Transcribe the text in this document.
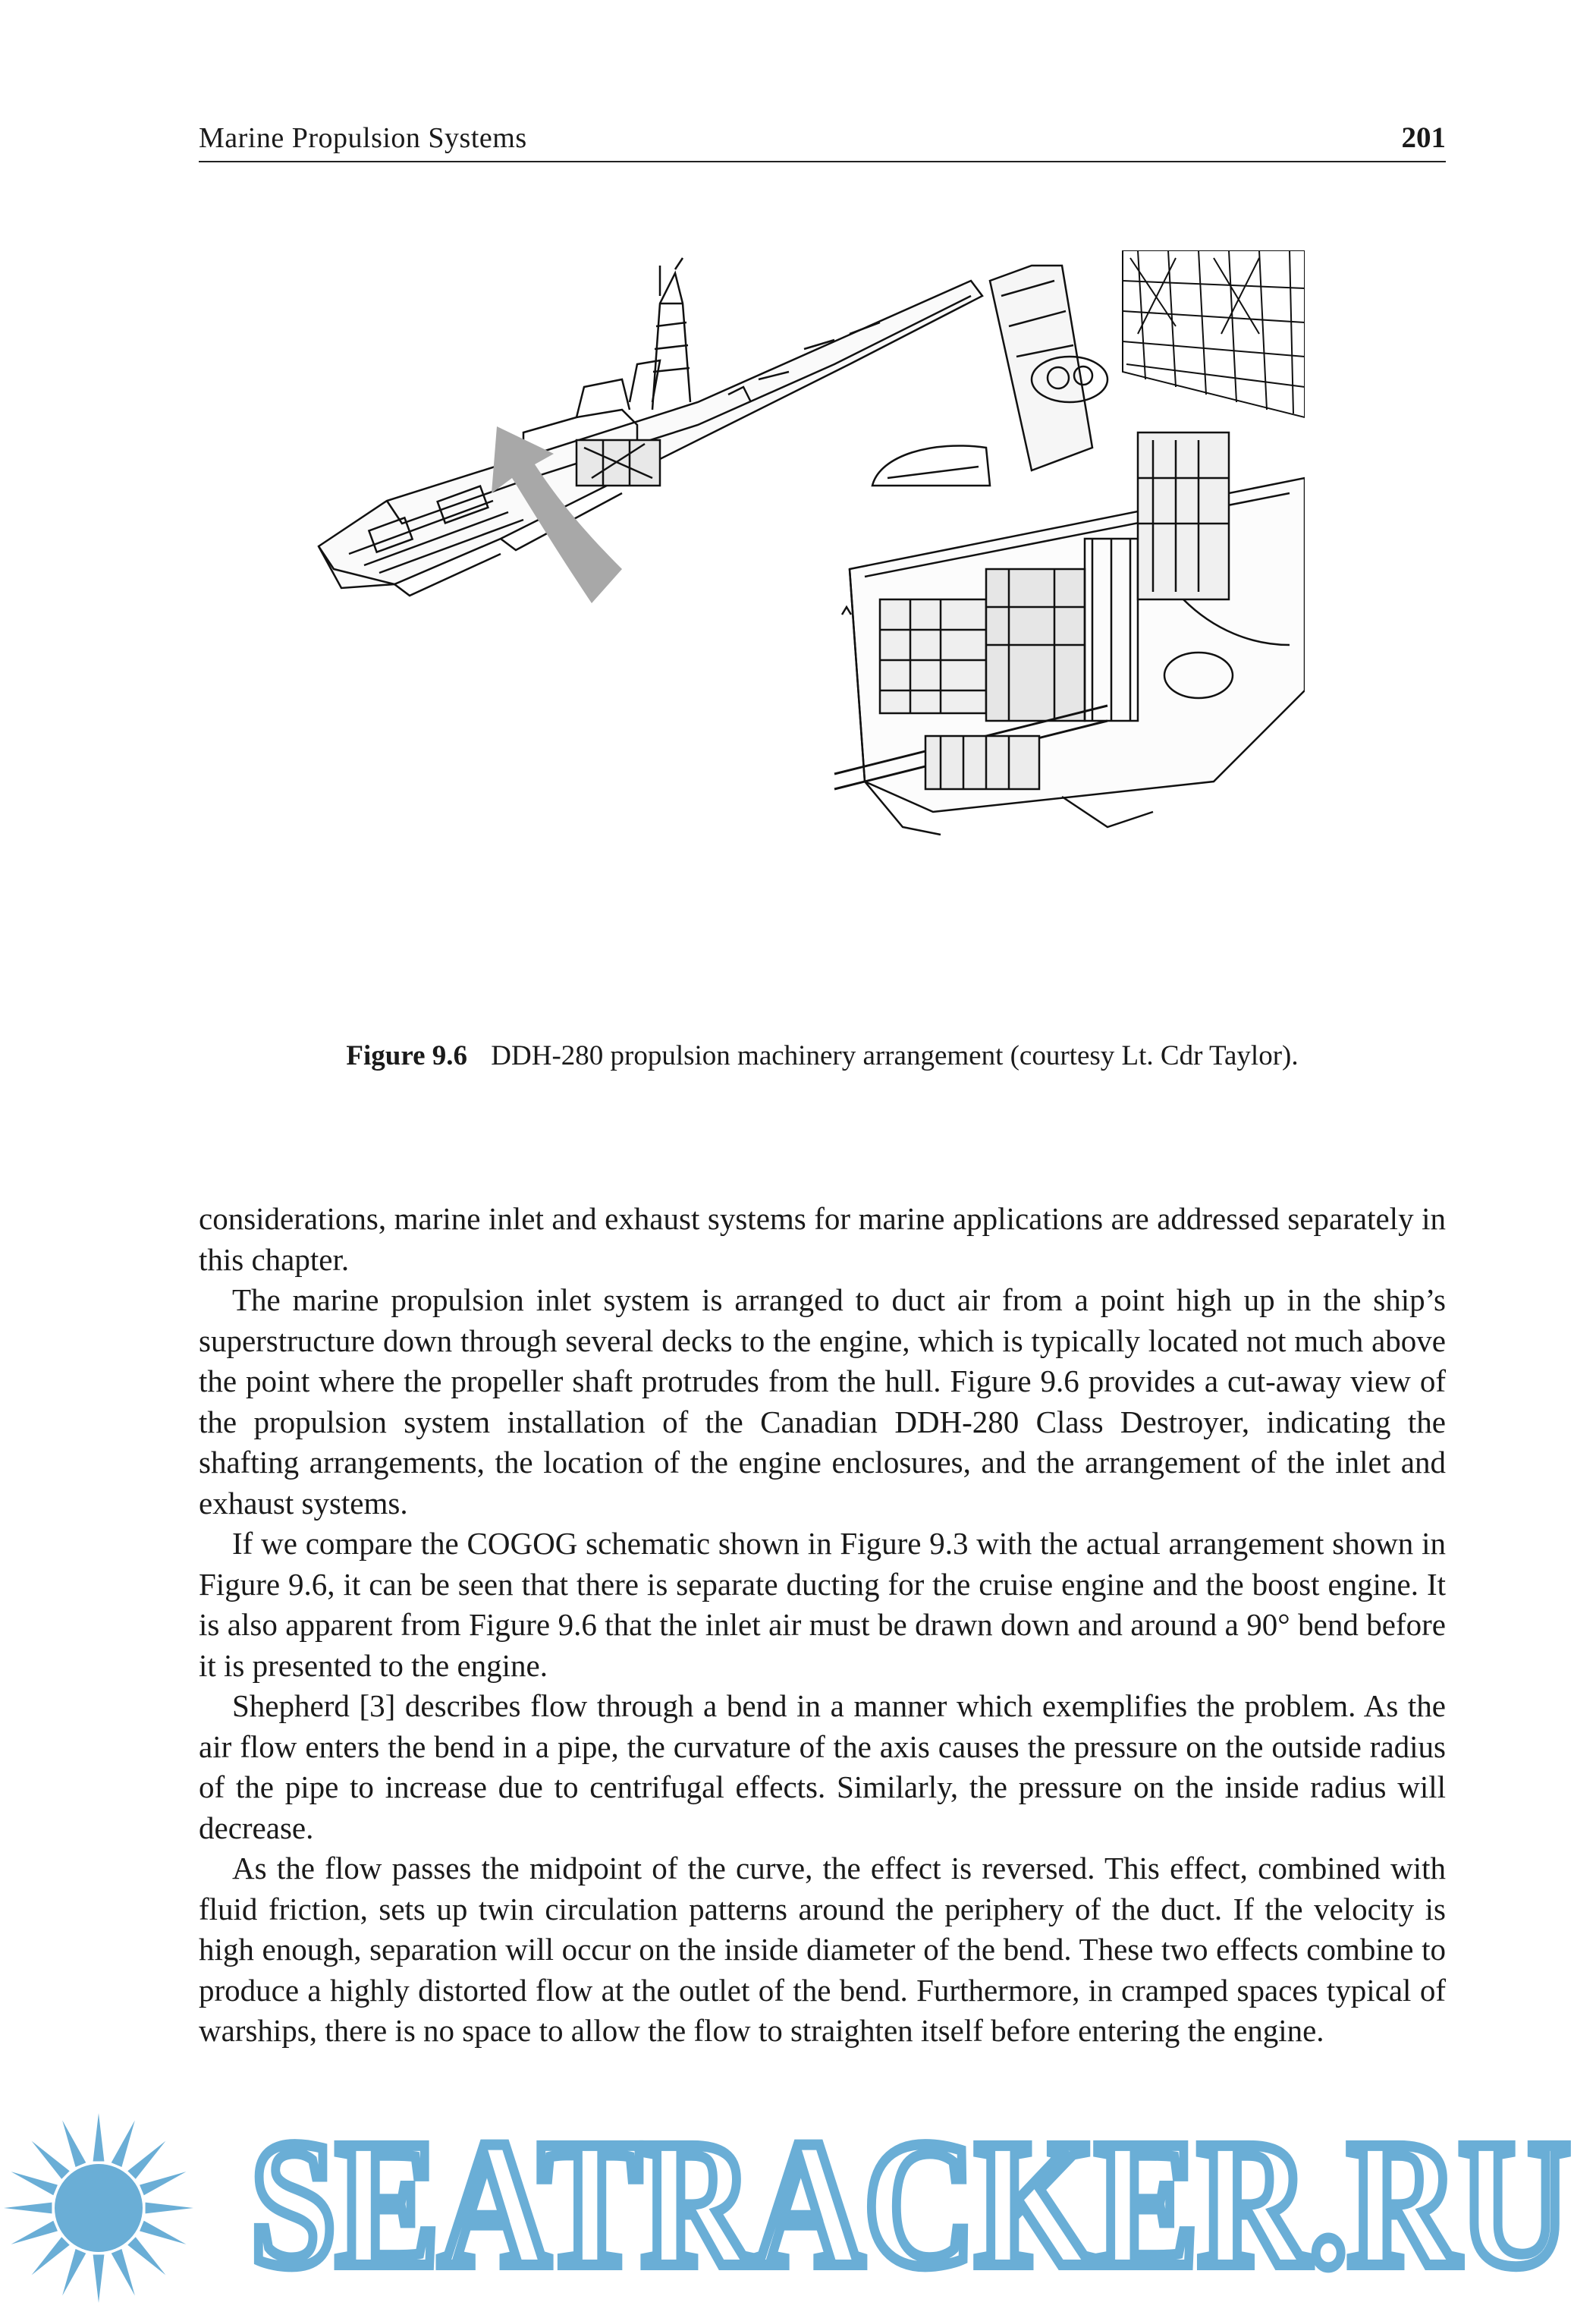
Marine Propulsion Systems	201
Figure 9.6 DDH-280 propulsion machinery arrangement (courtesy Lt. Cdr Taylor).

considerations, marine inlet and exhaust systems for marine applications are addressed separately in this chapter.

The marine propulsion inlet system is arranged to duct air from a point high up in the ship’s superstructure down through several decks to the engine, which is typically located not much above the point where the propeller shaft protrudes from the hull. Figure 9.6 provides a cut-away view of the propulsion system installation of the Canadian DDH-280 Class Destroyer, indicating the shafting arrangements, the location of the engine enclosures, and the arrangement of the inlet and exhaust systems.

If we compare the COGOG schematic shown in Figure 9.3 with the actual arrangement shown in Figure 9.6, it can be seen that there is separate ducting for the cruise engine and the boost engine. It is also apparent from Figure 9.6 that the inlet air must be drawn down and around a 90° bend before it is presented to the engine.

Shepherd [3] describes flow through a bend in a manner which exemplifies the problem. As the air flow enters the bend in a pipe, the curvature of the axis causes the pressure on the outside radius of the pipe to increase due to centrifugal effects. Similarly, the pressure on the inside radius will decrease.

As the flow passes the midpoint of the curve, the effect is reversed. This effect, combined with fluid friction, sets up twin circulation patterns around the periphery of the duct. If the velocity is high enough, separation will occur on the inside diameter of the bend. These two effects combine to produce a highly distorted flow at the outlet of the bend. Furthermore, in cramped spaces typical of warships, there is no space to allow the flow to straighten itself before entering the engine.

SEATRACKER.RU
